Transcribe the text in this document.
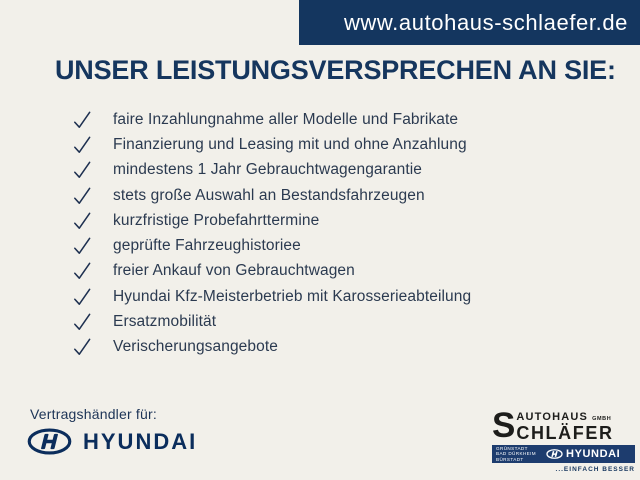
www.autohaus-schlaefer.de
UNSER LEISTUNGSVERSPRECHEN AN SIE:
faire Inzahlungnahme aller Modelle und Fabrikate
Finanzierung und Leasing mit und ohne Anzahlung
mindestens 1 Jahr Gebrauchtwagengarantie
stets große Auswahl an Bestandsfahrzeugen
kurzfristige Probefahrttermine
geprüfte Fahrzeughistoriee
freier Ankauf von Gebrauchtwagen
Hyundai Kfz-Meisterbetrieb mit Karosserieabteilung
Ersatzmobilität
Verischerungsangebote
Vertragshändler für:
HYUNDAI	S AUTOHAUS GMBH
CHLÄFER
GRÜNSTADT
BAD DÜRKHEIM
BÜRSTADT	HYUNDAI
...EINFACH BESSER
